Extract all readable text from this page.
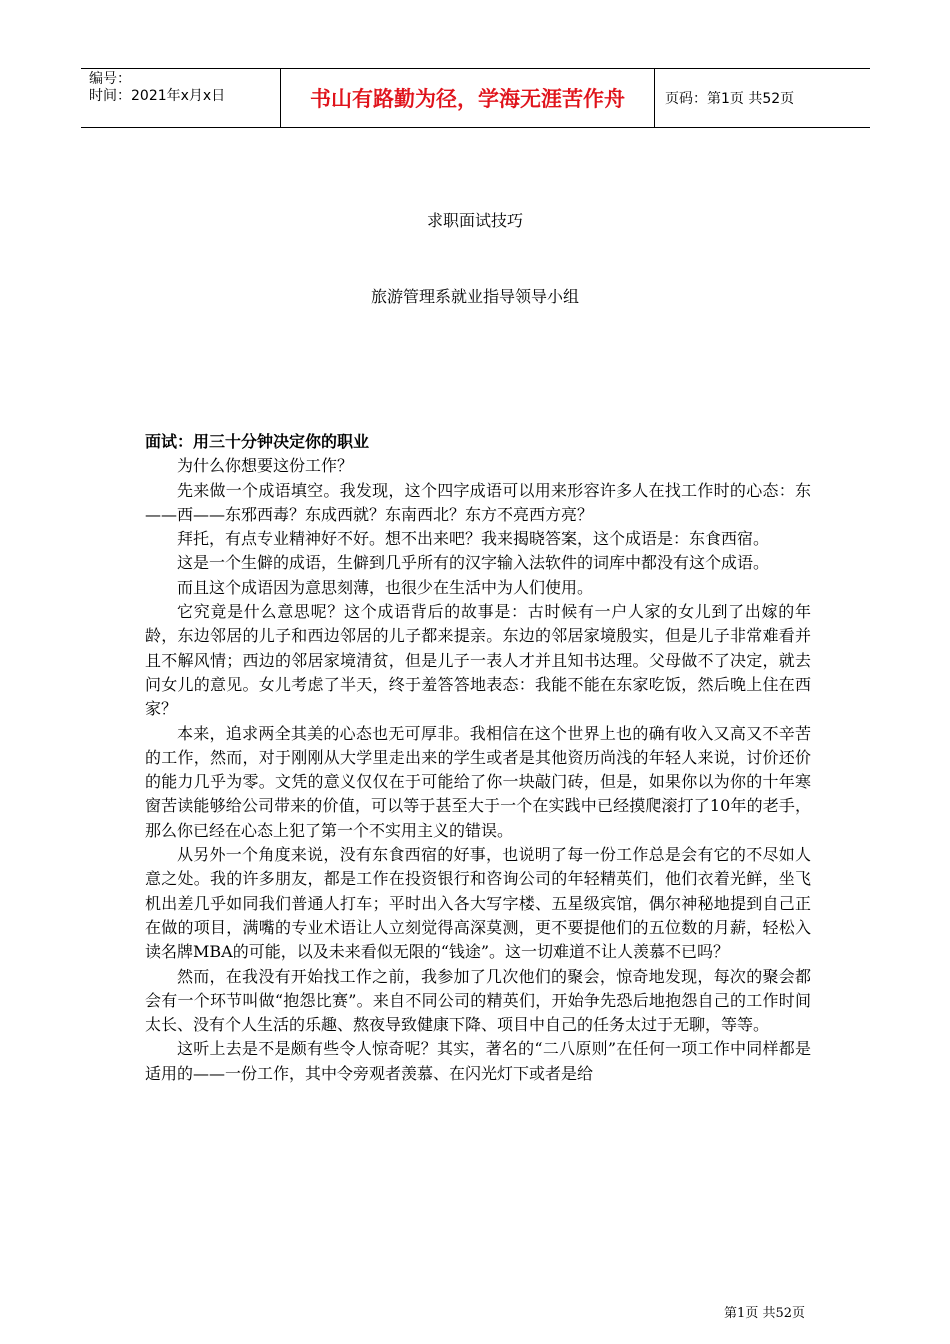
编号：
时间：2021年x月x日	书山有路勤为径，学海无涯苦作舟	页码：第1页 共52页
求职面试技巧
旅游管理系就业指导领导小组
面试：用三十分钟决定你的职业

为什么你想要这份工作？

先来做一个成语填空。我发现，这个四字成语可以用来形容许多人在找工作时的心态：东——西——东邪西毒？东成西就？东南西北？东方不亮西方亮？

拜托，有点专业精神好不好。想不出来吧？我来揭晓答案，这个成语是：东食西宿。

这是一个生僻的成语，生僻到几乎所有的汉字输入法软件的词库中都没有这个成语。

而且这个成语因为意思刻薄，也很少在生活中为人们使用。

它究竟是什么意思呢？这个成语背后的故事是：古时候有一户人家的女儿到了出嫁的年龄，东边邻居的儿子和西边邻居的儿子都来提亲。东边的邻居家境殷实，但是儿子非常难看并且不解风情；西边的邻居家境清贫，但是儿子一表人才并且知书达理。父母做不了决定，就去问女儿的意见。女儿考虑了半天，终于羞答答地表态：我能不能在东家吃饭，然后晚上住在西家？

本来，追求两全其美的心态也无可厚非。我相信在这个世界上也的确有收入又高又不辛苦的工作，然而，对于刚刚从大学里走出来的学生或者是其他资历尚浅的年轻人来说，讨价还价的能力几乎为零。文凭的意义仅仅在于可能给了你一块敲门砖，但是，如果你以为你的十年寒窗苦读能够给公司带来的价值，可以等于甚至大于一个在实践中已经摸爬滚打了10年的老手，那么你已经在心态上犯了第一个不实用主义的错误。

从另外一个角度来说，没有东食西宿的好事，也说明了每一份工作总是会有它的不尽如人意之处。我的许多朋友，都是工作在投资银行和咨询公司的年轻精英们，他们衣着光鲜，坐飞机出差几乎如同我们普通人打车；平时出入各大写字楼、五星级宾馆，偶尔神秘地提到自己正在做的项目，满嘴的专业术语让人立刻觉得高深莫测，更不要提他们的五位数的月薪，轻松入读名牌MBA的可能，以及未来看似无限的“钱途”。这一切难道不让人羡慕不已吗？

然而，在我没有开始找工作之前，我参加了几次他们的聚会，惊奇地发现，每次的聚会都会有一个环节叫做“抱怨比赛”。来自不同公司的精英们，开始争先恐后地抱怨自己的工作时间太长、没有个人生活的乐趣、熬夜导致健康下降、项目中自己的任务太过于无聊，等等。

这听上去是不是颇有些令人惊奇呢？其实，著名的“二八原则”在任何一项工作中同样都是适用的——一份工作，其中令旁观者羡慕、在闪光灯下或者是给

第1页 共52页
